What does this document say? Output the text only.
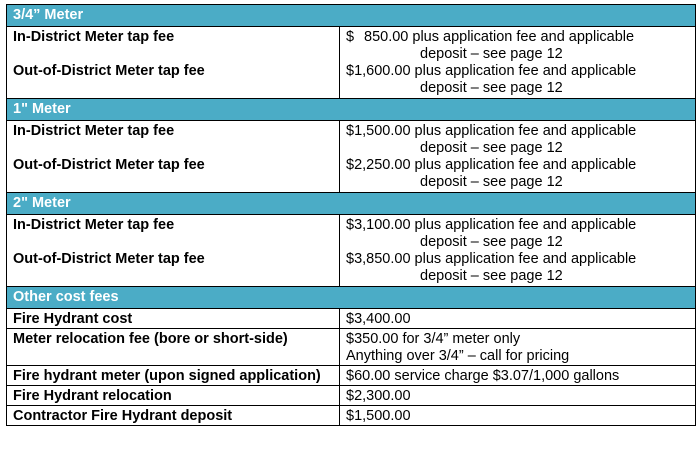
3/4” Meter	
In-District Meter tap fee	$ 850.00 plus application fee and applicable
deposit – see page 12

Out-of-District Meter tap fee	$1,600.00 plus application fee and applicable
deposit – see page 12

1" Meter	
In-District Meter tap fee	$1,500.00 plus application fee and applicable
deposit – see page 12

Out-of-District Meter tap fee	$2,250.00 plus application fee and applicable
deposit – see page 12

2" Meter	
In-District Meter tap fee	$3,100.00 plus application fee and applicable
deposit – see page 12

Out-of-District Meter tap fee	$3,850.00 plus application fee and applicable
deposit – see page 12

Other cost fees	
Fire Hydrant cost	$3,400.00
Meter relocation fee (bore or short-side)	$350.00 for 3/4” meter only
Anything over 3/4” – call for pricing
Fire hydrant meter (upon signed application)	$60.00 service charge $3.07/1,000 gallons
Fire Hydrant relocation	$2,300.00
Contractor Fire Hydrant deposit	$1,500.00
